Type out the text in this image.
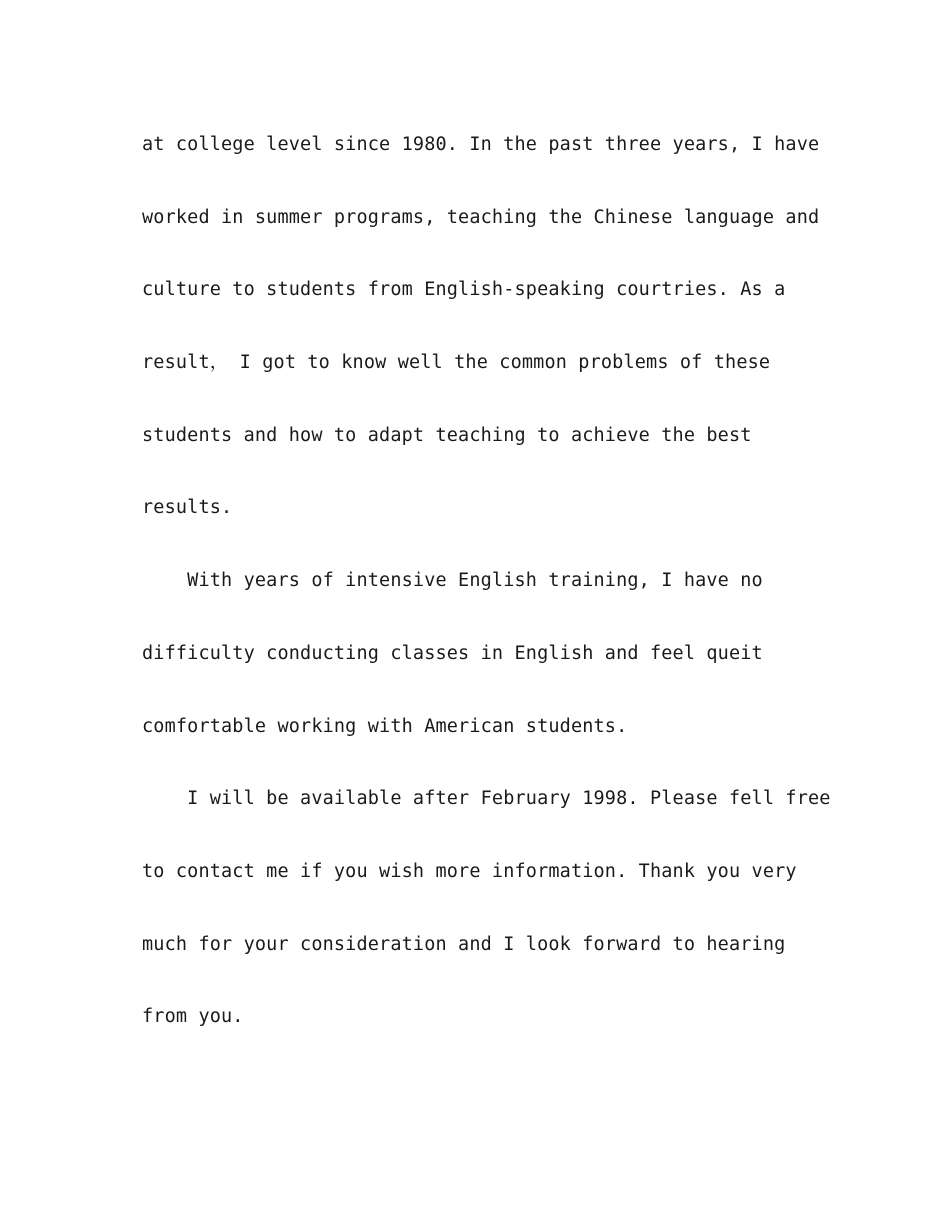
at college level since 1980. In the past three years, I have
worked in summer programs, teaching the Chinese language and
culture to students from English-speaking courtries. As a
result， I got to know well the common problems of these
students and how to adapt teaching to achieve the best
results.
With years of intensive English training, I have no
difficulty conducting classes in English and feel queit
comfortable working with American students.
I will be available after February 1998. Please fell free
to contact me if you wish more information. Thank you very
much for your consideration and I look forward to hearing
from you.
